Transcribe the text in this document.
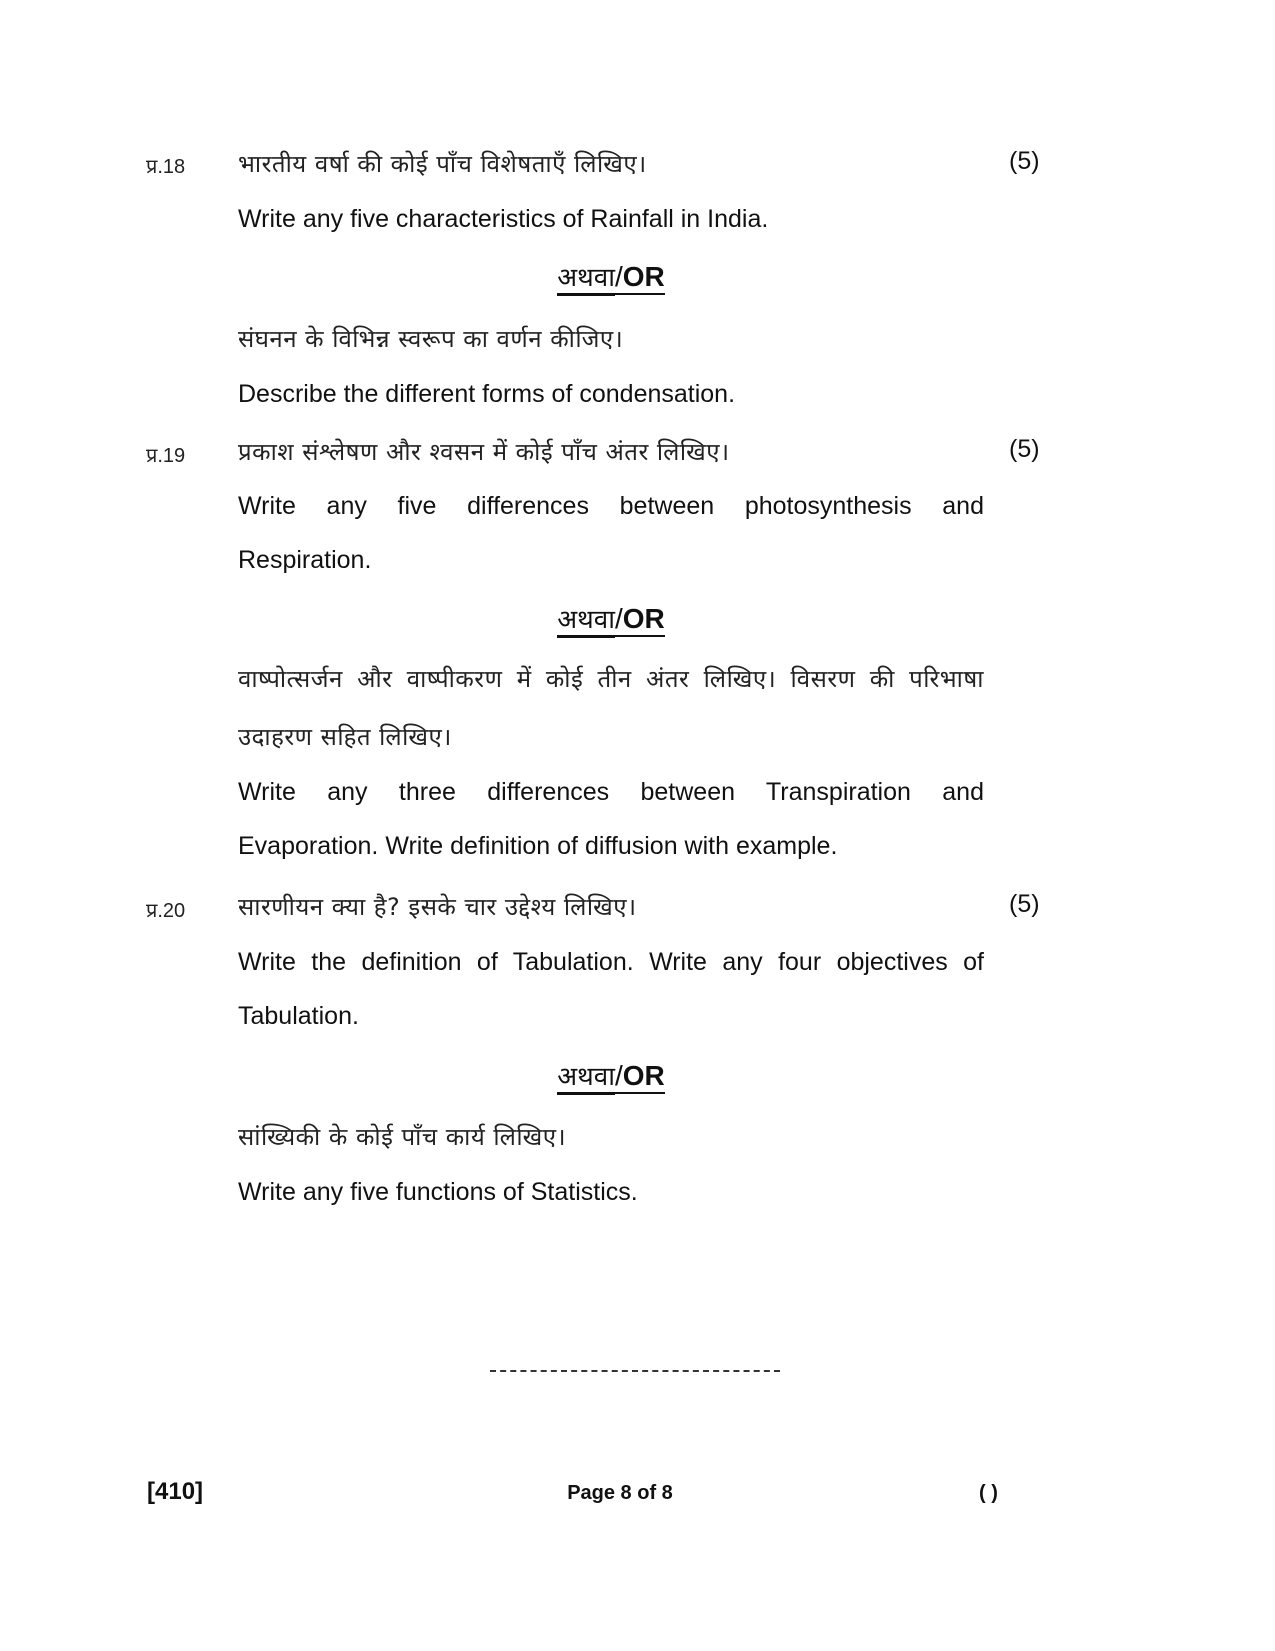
प्र.18 भारतीय वर्षा की कोई पाँच विशेषताएँ लिखिए।	(5)
Write any five characteristics of Rainfall in India.
अथवा/OR
संघनन के विभिन्न स्वरूप का वर्णन कीजिए।
Describe the different forms of condensation.
प्र.19 प्रकाश संश्लेषण और श्वसन में कोई पाँच अंतर लिखिए।	(5)
Write any five differences between photosynthesis and
Respiration.
अथवा/OR
वाष्पोत्सर्जन और वाष्पीकरण में कोई तीन अंतर लिखिए। विसरण की परिभाषा
उदाहरण सहित लिखिए।
Write any three differences between Transpiration and
Evaporation. Write definition of diffusion with example.
प्र.20 सारणीयन क्या है? इसके चार उद्देश्य लिखिए।	(5)
Write the definition of Tabulation. Write any four objectives of
Tabulation.
अथवा/OR
सांख्यिकी के कोई पाँच कार्य लिखिए।
Write any five functions of Statistics.
[410]	Page 8 of 8	( )
